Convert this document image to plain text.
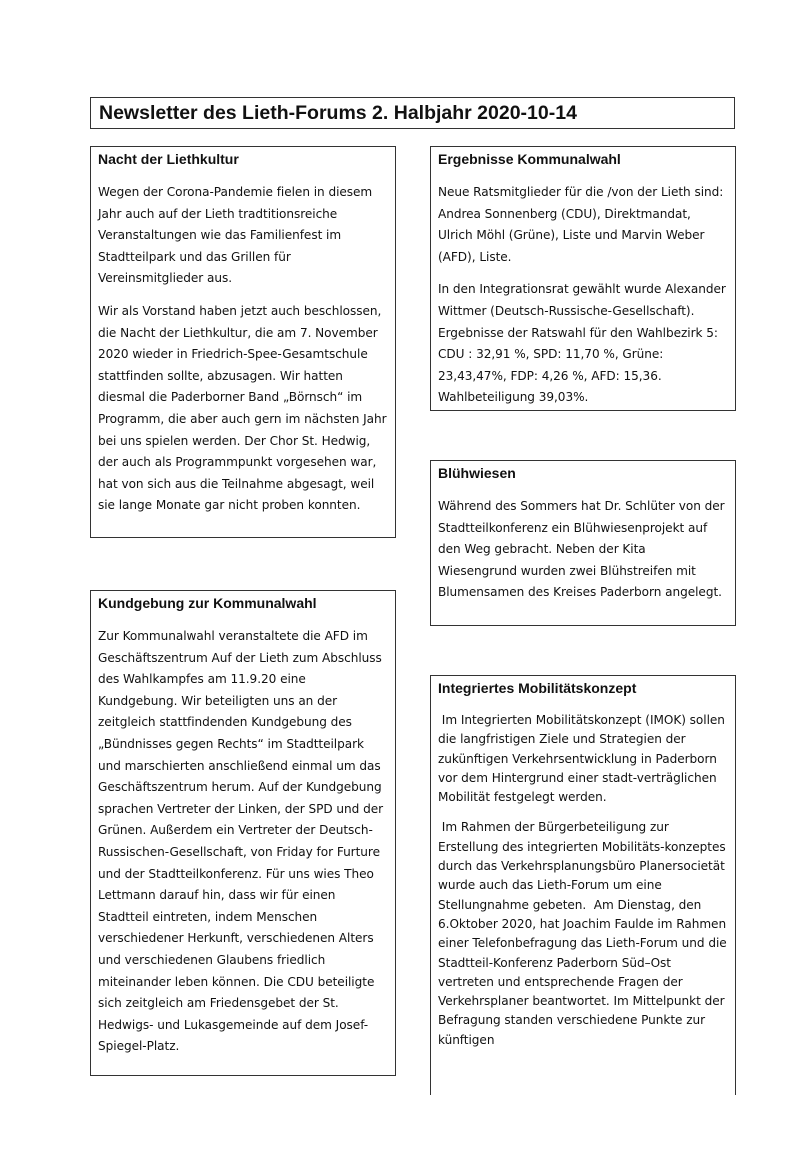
Newsletter des Lieth-Forums 2. Halbjahr 2020-10-14
Nacht der Liethkultur

Wegen der Corona-Pandemie fielen in diesem Jahr auch auf der Lieth tradtitionsreiche Veranstaltungen wie das Familienfest im Stadtteilpark und das Grillen für Vereinsmitglieder aus.

Wir als Vorstand haben jetzt auch beschlossen, die Nacht der Liethkultur, die am 7. November 2020 wieder in Friedrich-Spee-Gesamtschule stattfinden sollte, abzusagen. Wir hatten diesmal die Paderborner Band „Börnsch“ im Programm, die aber auch gern im nächsten Jahr bei uns spielen werden. Der Chor St. Hedwig, der auch als Programmpunkt vorgesehen war, hat von sich aus die Teilnahme abgesagt, weil sie lange Monate gar nicht proben konnten.

Kundgebung zur Kommunalwahl

Zur Kommunalwahl veranstaltete die AFD im Geschäftszentrum Auf der Lieth zum Abschluss des Wahlkampfes am 11.9.20 eine Kundgebung. Wir beteiligten uns an der zeitgleich stattfindenden Kundgebung des „Bündnisses gegen Rechts“ im Stadtteilpark und marschierten anschließend einmal um das Geschäftszentrum herum. Auf der Kundgebung sprachen Vertreter der Linken, der SPD und der Grünen. Außerdem ein Vertreter der Deutsch-Russischen-Gesellschaft, von Friday for Furture und der Stadtteilkonferenz. Für uns wies Theo Lettmann darauf hin, dass wir für einen Stadtteil eintreten, indem Menschen verschiedener Herkunft, verschiedenen Alters und verschiedenen Glaubens friedlich miteinander leben können. Die CDU beteiligte sich zeitgleich am Friedensgebet der St. Hedwigs- und Lukasgemeinde auf dem Josef-Spiegel-Platz.

Ergebnisse Kommunalwahl

Neue Ratsmitglieder für die /von der Lieth sind: Andrea Sonnenberg (CDU), Direktmandat, Ulrich Möhl (Grüne), Liste und Marvin Weber (AFD), Liste.

In den Integrationsrat gewählt wurde Alexander Wittmer (Deutsch-Russische-Gesellschaft). Ergebnisse der Ratswahl für den Wahlbezirk 5: CDU : 32,91 %, SPD: 11,70 %, Grüne: 23,43,47%, FDP: 4,26 %, AFD: 15,36. Wahlbeteiligung 39,03%.

Blühwiesen

Während des Sommers hat Dr. Schlüter von der Stadtteilkonferenz ein Blühwiesenprojekt auf den Weg gebracht. Neben der Kita Wiesengrund wurden zwei Blühstreifen mit Blumensamen des Kreises Paderborn angelegt.

Integriertes Mobilitätskonzept

Im Integrierten Mobilitätskonzept (IMOK) sollen die langfristigen Ziele und Strategien der zukünftigen Verkehrsentwicklung in Paderborn vor dem Hintergrund einer stadt-verträglichen Mobilität festgelegt werden.

Im Rahmen der Bürgerbeteiligung zur Erstellung des integrierten Mobilitäts-konzeptes durch das Verkehrsplanungsbüro Planersocietät wurde auch das Lieth-Forum um eine Stellungnahme gebeten.  Am Dienstag, den 6.Oktober 2020, hat Joachim Faulde im Rahmen einer Telefonbefragung das Lieth-Forum und die Stadtteil-Konferenz Paderborn Süd–Ost vertreten und entsprechende Fragen der Verkehrsplaner beantwortet. Im Mittelpunkt der Befragung standen verschiedene Punkte zur künftigen
